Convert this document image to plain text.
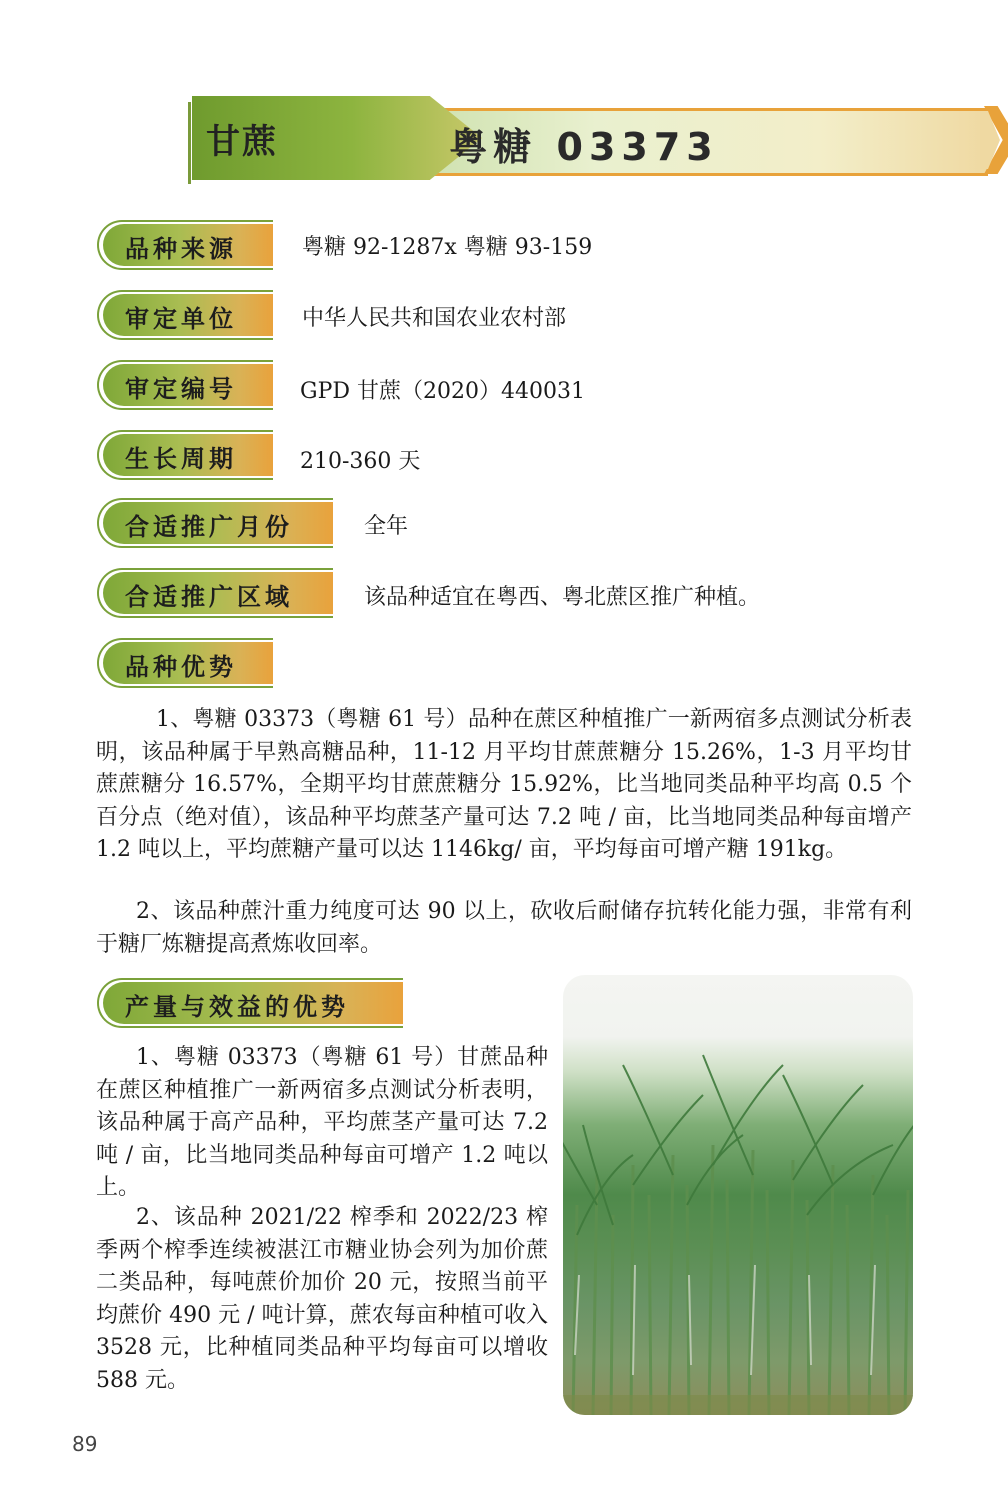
甘蔗	粤糖 03373
品种来源	粤糖 92-1287x 粤糖 93-159
审定单位	中华人民共和国农业农村部
审定编号	GPD 甘蔗（2020）440031
生长周期	210-360 天
合适推广月份	全年
合适推广区域	该品种适宜在粤西、粤北蔗区推广种植。
品种优势

1、粤糖 03373（粤糖 61 号）品种在蔗区种植推广一新两宿多点测试分析表明，该品种属于早熟高糖品种，11-12 月平均甘蔗蔗糖分 15.26%，1-3 月平均甘蔗蔗糖分 16.57%，全期平均甘蔗蔗糖分 15.92%，比当地同类品种平均高 0.5 个百分点（绝对值），该品种平均蔗茎产量可达 7.2 吨 / 亩，比当地同类品种每亩增产 1.2 吨以上，平均蔗糖产量可以达 1146kg/ 亩，平均每亩可增产糖 191kg。

2、该品种蔗汁重力纯度可达 90 以上，砍收后耐储存抗转化能力强，非常有利于糖厂炼糖提高煮炼收回率。

产量与效益的优势

1、粤糖 03373（粤糖 61 号）甘蔗品种在蔗区种植推广一新两宿多点测试分析表明，该品种属于高产品种，平均蔗茎产量可达 7.2 吨 / 亩，比当地同类品种每亩可增产 1.2 吨以上。

2、该品种 2021/22 榨季和 2022/23 榨季两个榨季连续被湛江市糖业协会列为加价蔗二类品种，每吨蔗价加价 20 元，按照当前平均蔗价 490 元 / 吨计算，蔗农每亩种植可收入 3528 元，比种植同类品种平均每亩可以增收 588 元。

89
